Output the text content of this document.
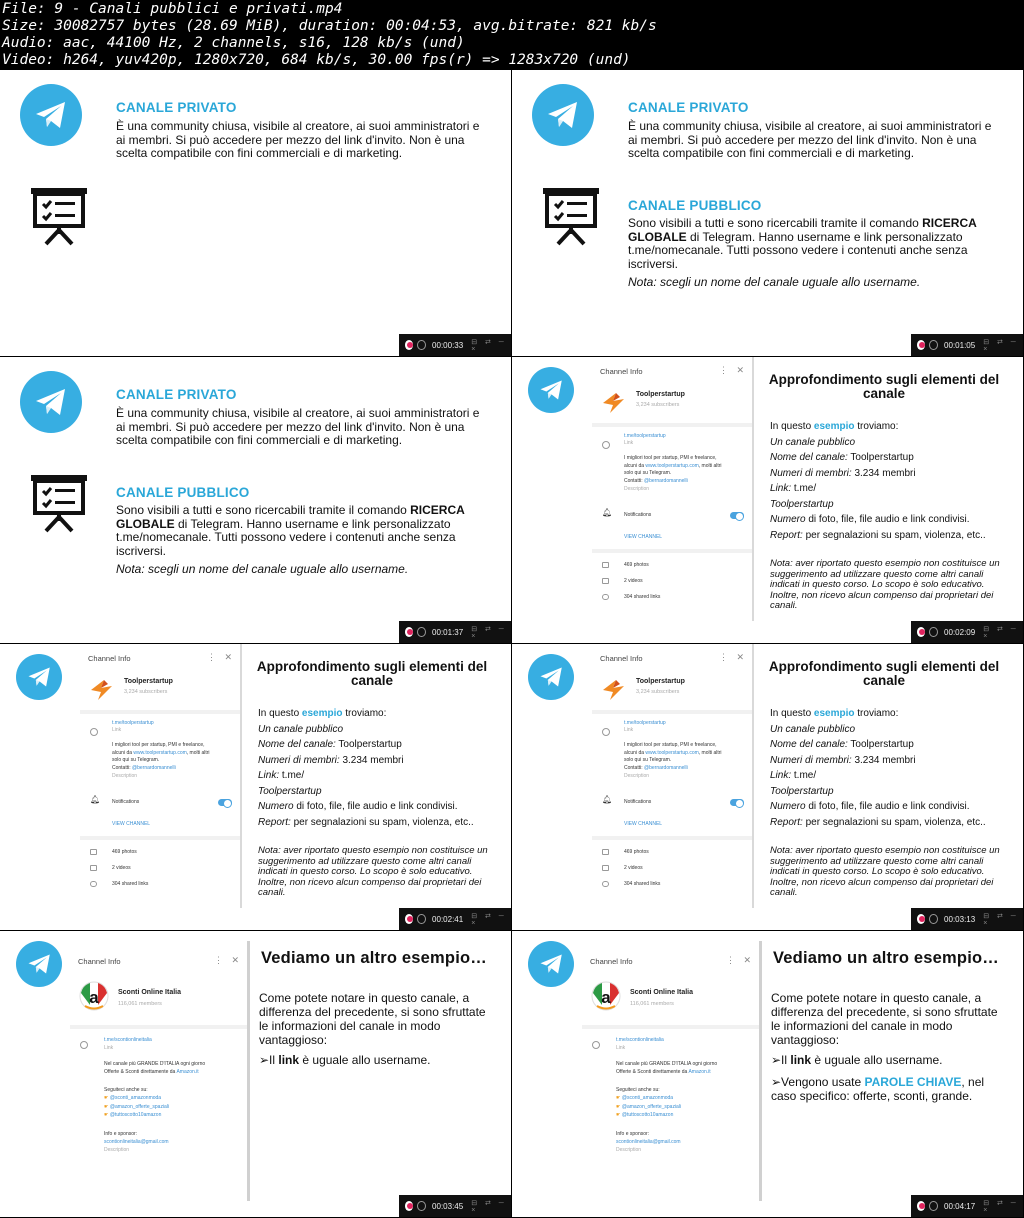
File: 9 - Canali pubblici e privati.mp4
Size: 30082757 bytes (28.69 MiB), duration: 00:04:53, avg.bitrate: 821 kb/s
Audio: aac, 44100 Hz, 2 channels, s16, 128 kb/s (und)
Video: h264, yuv420p, 1280x720, 684 kb/s, 30.00 fps(r) => 1283x720 (und)
CANALE PRIVATO
È una community chiusa, visibile al creatore, ai suoi amministratori e ai membri. Si può accedere per mezzo del link d'invito. Non è una scelta compatibile con fini commerciali e di marketing.
00:00:33 ⊟ ⇄ ─ ×
CANALE PRIVATO
È una community chiusa, visibile al creatore, ai suoi amministratori e ai membri. Si può accedere per mezzo del link d'invito. Non è una scelta compatibile con fini commerciali e di marketing.
CANALE PUBBLICO
Sono visibili a tutti e sono ricercabili tramite il comando RICERCA GLOBALE di Telegram. Hanno username e link personalizzato t.me/nomecanale. Tutti possono vedere i contenuti anche senza iscriversi.
Nota: scegli un nome del canale uguale allo username.
00:01:05 ⊟ ⇄ ─ ×
CANALE PRIVATO
È una community chiusa, visibile al creatore, ai suoi amministratori e ai membri. Si può accedere per mezzo del link d'invito. Non è una scelta compatibile con fini commerciali e di marketing.
CANALE PUBBLICO
Sono visibili a tutti e sono ricercabili tramite il comando RICERCA GLOBALE di Telegram. Hanno username e link personalizzato t.me/nomecanale. Tutti possono vedere i contenuti anche senza iscriversi.
Nota: scegli un nome del canale uguale allo username.
00:01:37 ⊟ ⇄ ─ ×
Channel Info	⋮ ✕
Toolperstartup
3,234 subscribers
t.me/toolperstartup
Link
I migliori tool per startup, PMI e freelance,
alcuni da www.toolperstartup.com, molti altri
solo qui su Telegram.
Contatti: @bernardomannelli
Description
🔔︎ Notifications
VIEW CHANNEL
469 photos
2 videos
304 shared links
Approfondimento sugli elementi del canale
In questo esempio troviamo:
Un canale pubblico
Nome del canale: Toolperstartup
Numeri di membri: 3.234 membri
Link: t.me/
Toolperstartup
Numero di foto, file, file audio e link condivisi.
Report: per segnalazioni su spam, violenza, etc..
Nota: aver riportato questo esempio non costituisce un suggerimento ad utilizzare questo come altri canali indicati in questo corso. Lo scopo è solo educativo. Inoltre, non ricevo alcun compenso dai proprietari dei canali.
00:02:09 ⊟ ⇄ ─ ×
Channel Info	⋮ ✕
Toolperstartup
3,234 subscribers
t.me/toolperstartup
Link
I migliori tool per startup, PMI e freelance,
alcuni da www.toolperstartup.com, molti altri
solo qui su Telegram.
Contatti: @bernardomannelli
Description
🔔︎ Notifications
VIEW CHANNEL
469 photos
2 videos
304 shared links
Approfondimento sugli elementi del canale
In questo esempio troviamo:
Un canale pubblico
Nome del canale: Toolperstartup
Numeri di membri: 3.234 membri
Link: t.me/
Toolperstartup
Numero di foto, file, file audio e link condivisi.
Report: per segnalazioni su spam, violenza, etc..
Nota: aver riportato questo esempio non costituisce un suggerimento ad utilizzare questo come altri canali indicati in questo corso. Lo scopo è solo educativo. Inoltre, non ricevo alcun compenso dai proprietari dei canali.
00:02:41 ⊟ ⇄ ─ ×
Channel Info	⋮ ✕
Toolperstartup
3,234 subscribers
t.me/toolperstartup
Link
I migliori tool per startup, PMI e freelance,
alcuni da www.toolperstartup.com, molti altri
solo qui su Telegram.
Contatti: @bernardomannelli
Description
🔔︎ Notifications
VIEW CHANNEL
469 photos
2 videos
304 shared links
Approfondimento sugli elementi del canale
In questo esempio troviamo:
Un canale pubblico
Nome del canale: Toolperstartup
Numeri di membri: 3.234 membri
Link: t.me/
Toolperstartup
Numero di foto, file, file audio e link condivisi.
Report: per segnalazioni su spam, violenza, etc..
Nota: aver riportato questo esempio non costituisce un suggerimento ad utilizzare questo come altri canali indicati in questo corso. Lo scopo è solo educativo. Inoltre, non ricevo alcun compenso dai proprietari dei canali.
00:03:13 ⊟ ⇄ ─ ×
Channel Info	⋮ ✕
a	Sconti Online Italia
116,061 members
t.me/scontionlineitalia
Link
Nel canale più GRANDE D'ITALIA ogni giorno
Offerte & Sconti direttamente da Amazon.it
Seguiteci anche su:
☛ @sconti_amazonmoda
☛ @amazon_offerte_spaziali
☛ @tuttoscotto10amazon
Info e sponsor:
scontionlineitalia@gmail.com
Description
Vediamo un altro esempio…
Come potete notare in questo canale, a differenza del precedente, si sono sfruttate le informazioni del canale in modo vantaggioso:
➢Il link è uguale allo username.
00:03:45 ⊟ ⇄ ─ ×
Channel Info	⋮ ✕
a	Sconti Online Italia
116,061 members
t.me/scontionlineitalia
Link
Nel canale più GRANDE D'ITALIA ogni giorno
Offerte & Sconti direttamente da Amazon.it
Seguiteci anche su:
☛ @sconti_amazonmoda
☛ @amazon_offerte_spaziali
☛ @tuttoscotto10amazon
Info e sponsor:
scontionlineitalia@gmail.com
Description
Vediamo un altro esempio…
Come potete notare in questo canale, a differenza del precedente, si sono sfruttate le informazioni del canale in modo vantaggioso:
➢Il link è uguale allo username.
➢Vengono usate PAROLE CHIAVE, nel caso specifico: offerte, sconti, grande.
00:04:17 ⊟ ⇄ ─ ×
